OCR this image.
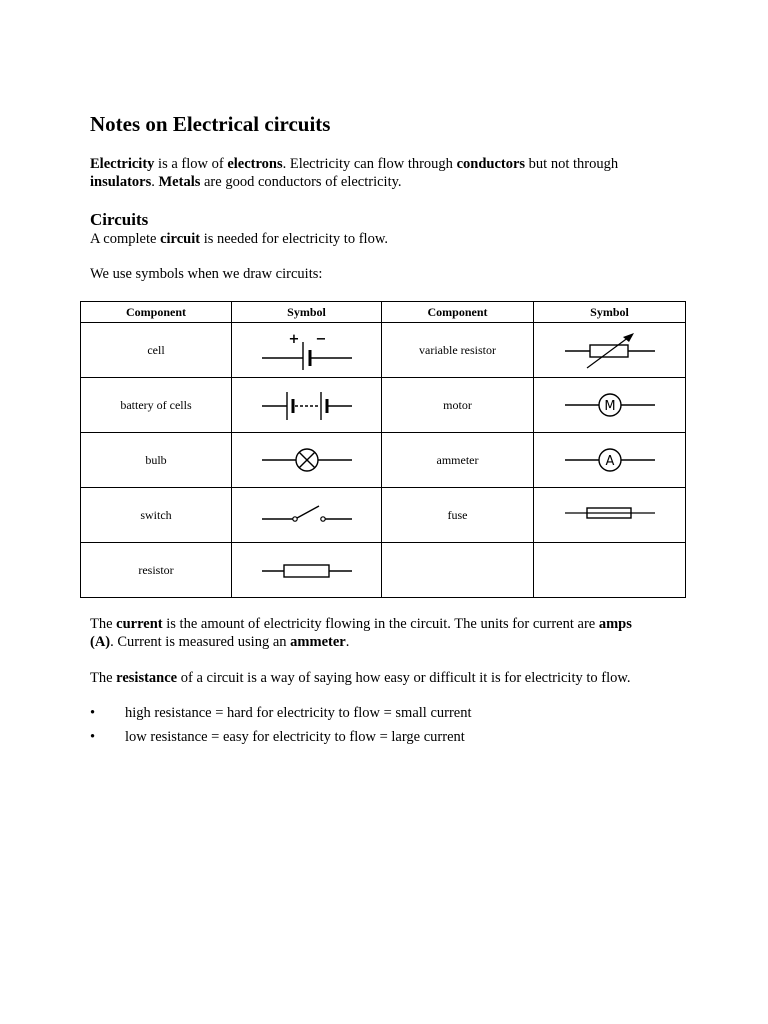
Notes on Electrical circuits

Electricity is a flow of electrons. Electricity can flow through conductors but not through
insulators. Metals are good conductors of electricity.

Circuits

A complete circuit is needed for electricity to flow.

We use symbols when we draw circuits:

Component	Symbol	Component	Symbol
cell	+ −	variable resistor	

battery of cells		motor	M

bulb		ammeter	A

switch		fuse	

resistor	

The current is the amount of electricity flowing in the circuit. The units for current are amps
(A). Current is measured using an ammeter.

The resistance of a circuit is a way of saying how easy or difficult it is for electricity to flow.

• high resistance = hard for electricity to flow = small current
• low resistance = easy for electricity to flow = large current
